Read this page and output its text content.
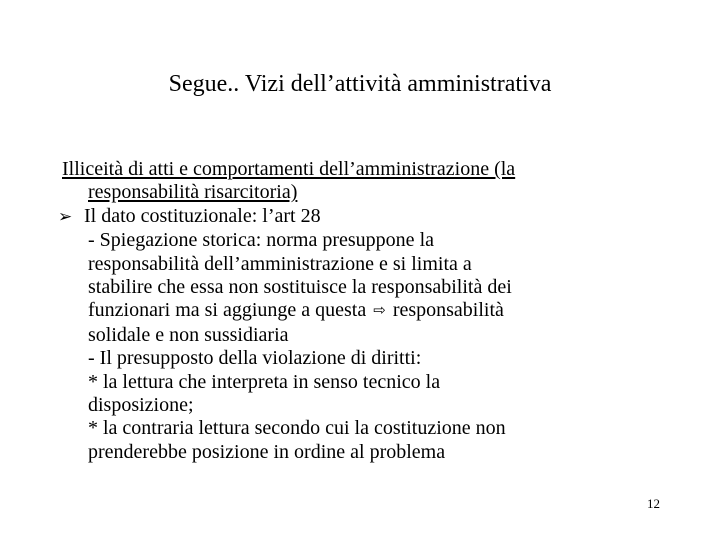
Segue.. Vizi dell’attività amministrativa
Illiceità di atti e comportamenti dell’amministrazione (la
responsabilità risarcitoria)
➢ Il dato costituzionale: l’art 28
- Spiegazione storica: norma presuppone la
responsabilità dell’amministrazione e si limita a
stabilire che essa non sostituisce la responsabilità dei
funzionari ma si aggiunge a questa ⇨ responsabilità
solidale e non sussidiaria
- Il presupposto della violazione di diritti:
* la lettura che interpreta in senso tecnico la
disposizione;
* la contraria lettura secondo cui la costituzione non
prenderebbe posizione in ordine al problema
12
